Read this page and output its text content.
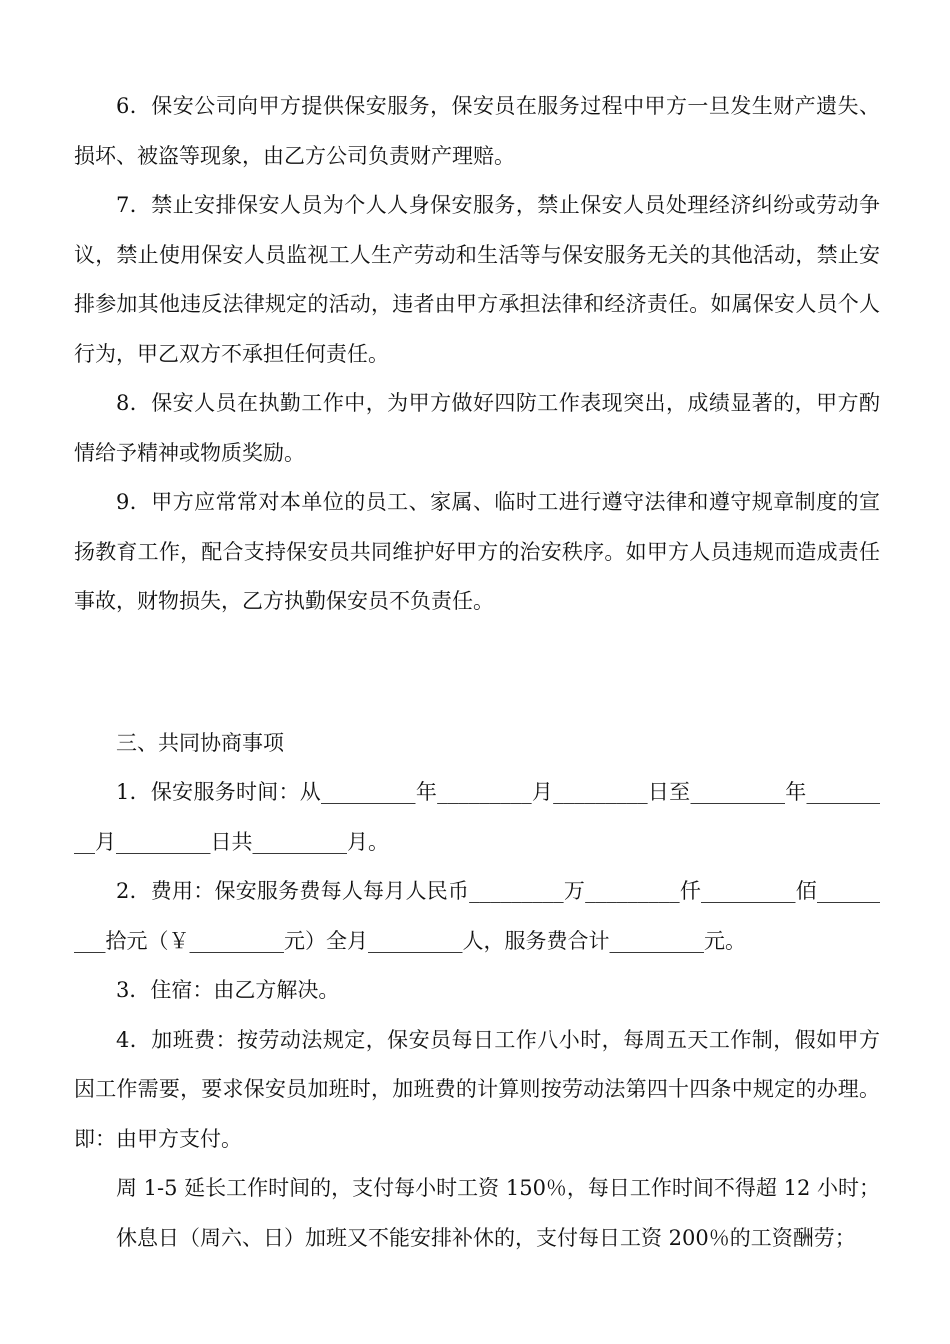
6．保安公司向甲方提供保安服务，保安员在服务过程中甲方一旦发生财产遗失、损坏、被盗等现象，由乙方公司负责财产理赔。

7．禁止安排保安人员为个人人身保安服务，禁止保安人员处理经济纠纷或劳动争议，禁止使用保安人员监视工人生产劳动和生活等与保安服务无关的其他活动，禁止安排参加其他违反法律规定的活动，违者由甲方承担法律和经济责任。如属保安人员个人行为，甲乙双方不承担任何责任。

8．保安人员在执勤工作中，为甲方做好四防工作表现突出，成绩显著的，甲方酌情给予精神或物质奖励。

9．甲方应常常对本单位的员工、家属、临时工进行遵守法律和遵守规章制度的宣扬教育工作，配合支持保安员共同维护好甲方的治安秩序。如甲方人员违规而造成责任事故，财物损失，乙方执勤保安员不负责任。

三、共同协商事项

1．保安服务时间：从_________年_________月_________日至_________年_________月_________日共_________月。

2．费用：保安服务费每人每月人民币_________万_________仟_________佰_________拾元（￥_________元）全月_________人，服务费合计_________元。

3．住宿：由乙方解决。

4．加班费：按劳动法规定，保安员每日工作八小时，每周五天工作制，假如甲方因工作需要，要求保安员加班时，加班费的计算则按劳动法第四十四条中规定的办理。即：由甲方支付。

周 1-5 延长工作时间的，支付每小时工资 150％，每日工作时间不得超 12 小时；

休息日（周六、日）加班又不能安排补休的，支付每日工资 200％的工资酬劳；
